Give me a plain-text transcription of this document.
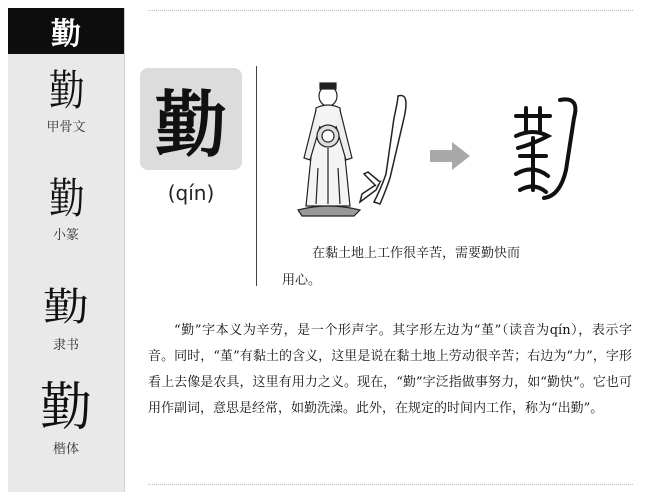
勤
勤
甲骨文
勤
小篆
勤
隶书
勤
楷体
勤
(qín)
在黏土地上工作很辛苦，需要勤快而
用心。

“勤”字本义为辛劳，是一个形声字。其字形左边为“堇”（读音为qín），表示字音。同时，“堇”有黏土的含义，这里是说在黏土地上劳动很辛苦；右边为“力”，字形看上去像是农具，这里有用力之义。现在，“勤”字泛指做事努力，如“勤快”。它也可用作副词，意思是经常，如勤洗澡。此外，在规定的时间内工作，称为“出勤”。
